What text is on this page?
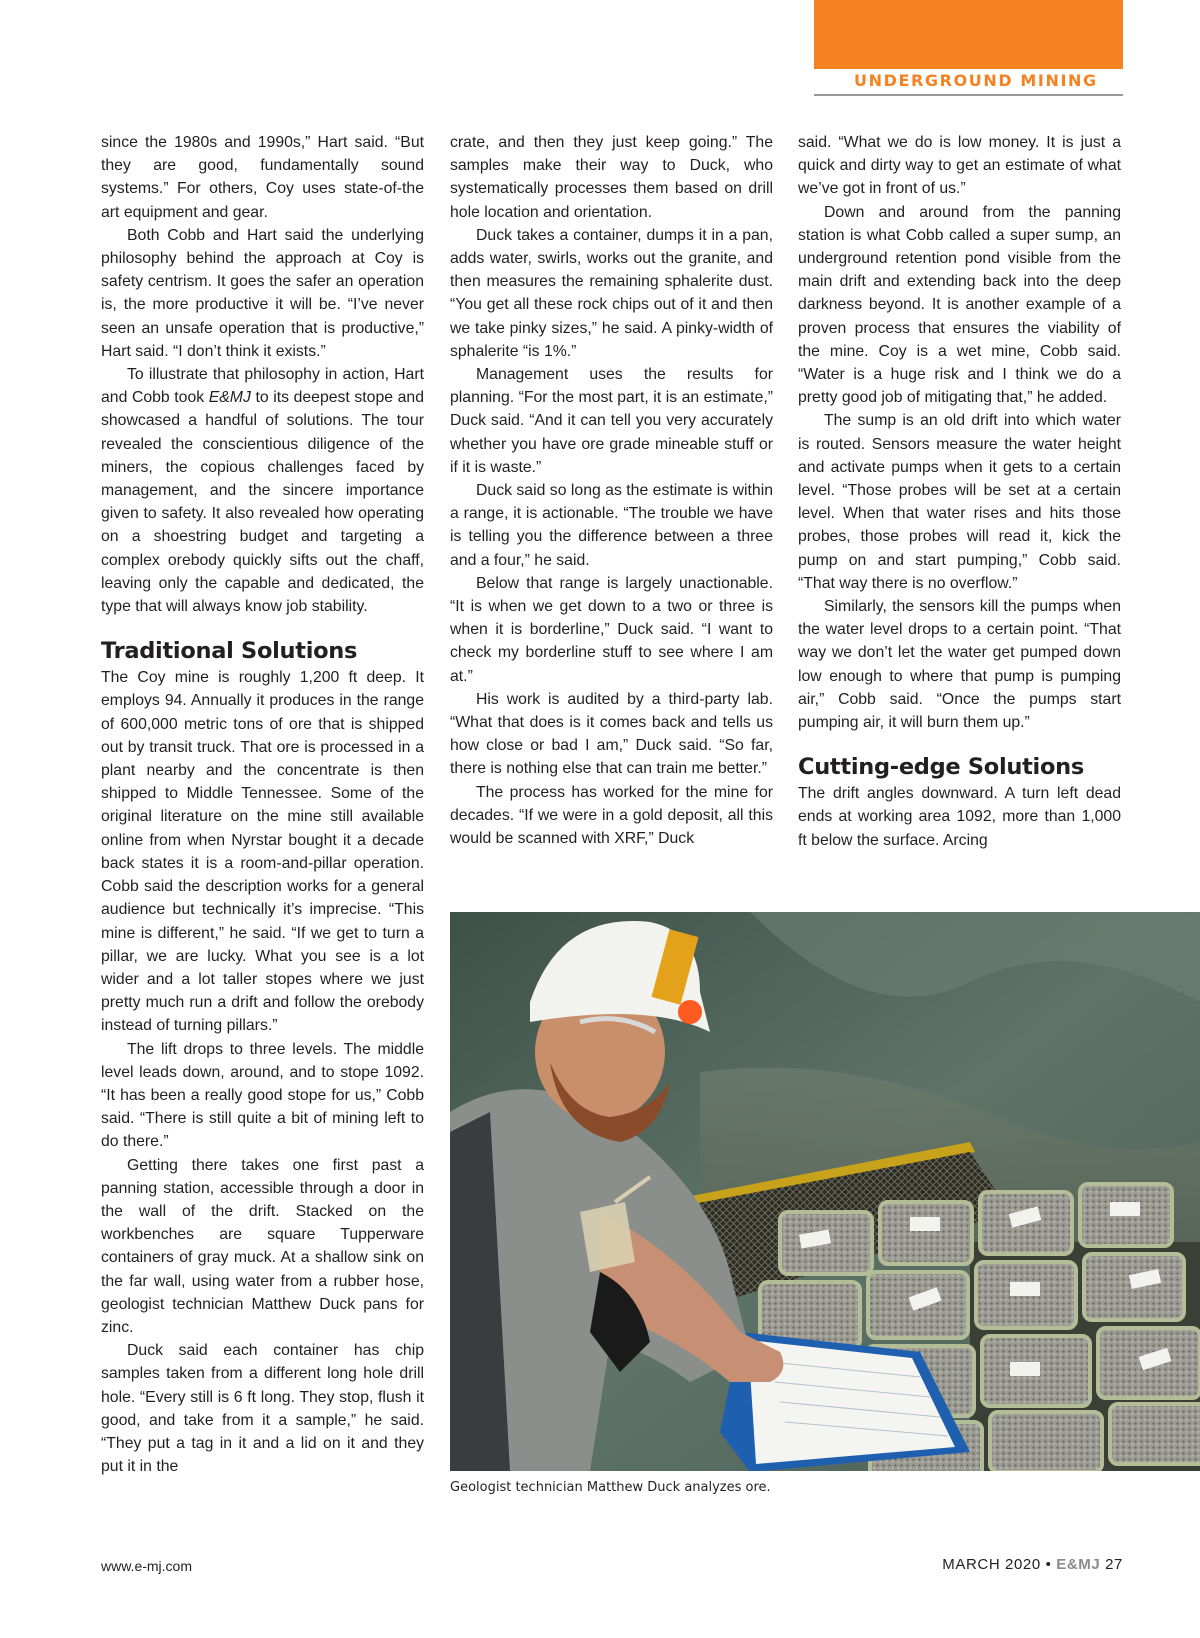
UNDERGROUND MINING

since the 1980s and 1990s,” Hart said. “But they are good, fundamentally sound systems.” For others, Coy uses state-of-the art equipment and gear.

Both Cobb and Hart said the underlying philosophy behind the approach at Coy is safety centrism. It goes the safer an operation is, the more productive it will be. “I’ve never seen an unsafe operation that is productive,” Hart said. “I don’t think it exists.”

To illustrate that philosophy in action, Hart and Cobb took E&MJ to its deepest stope and showcased a handful of solutions. The tour revealed the conscientious diligence of the miners, the copious challenges faced by management, and the sincere importance given to safety. It also revealed how operating on a shoestring budget and targeting a complex orebody quickly sifts out the chaff, leaving only the capable and dedicated, the type that will always know job stability.

Traditional Solutions

The Coy mine is roughly 1,200 ft deep. It employs 94. Annually it produces in the range of 600,000 metric tons of ore that is shipped out by transit truck. That ore is processed in a plant nearby and the concentrate is then shipped to Middle Tennessee. Some of the original literature on the mine still available online from when Nyrstar bought it a decade back states it is a room-and-pillar operation. Cobb said the description works for a general audience but technically it’s imprecise. “This mine is different,” he said. “If we get to turn a pillar, we are lucky. What you see is a lot wider and a lot taller stopes where we just pretty much run a drift and follow the orebody instead of turning pillars.”

The lift drops to three levels. The middle level leads down, around, and to stope 1092. “It has been a really good stope for us,” Cobb said. “There is still quite a bit of mining left to do there.”

Getting there takes one first past a panning station, accessible through a door in the wall of the drift. Stacked on the workbenches are square Tupperware containers of gray muck. At a shallow sink on the far wall, using water from a rubber hose, geologist technician Matthew Duck pans for zinc.

Duck said each container has chip samples taken from a different long hole drill hole. “Every still is 6 ft long. They stop, flush it good, and take from it a sample,” he said. “They put a tag in it and a lid on it and they put it in the

crate, and then they just keep going.” The samples make their way to Duck, who systematically processes them based on drill hole location and orientation.

Duck takes a container, dumps it in a pan, adds water, swirls, works out the granite, and then measures the remaining sphalerite dust. “You get all these rock chips out of it and then we take pinky sizes,” he said. A pinky-width of sphalerite “is 1%.”

Management uses the results for planning. “For the most part, it is an estimate,” Duck said. “And it can tell you very accurately whether you have ore grade mineable stuff or if it is waste.”

Duck said so long as the estimate is within a range, it is actionable. “The trouble we have is telling you the difference between a three and a four,” he said.

Below that range is largely unactionable. “It is when we get down to a two or three is when it is borderline,” Duck said. “I want to check my borderline stuff to see where I am at.”

His work is audited by a third-party lab. “What that does is it comes back and tells us how close or bad I am,” Duck said. “So far, there is nothing else that can train me better.”

The process has worked for the mine for decades. “If we were in a gold deposit, all this would be scanned with XRF,” Duck

said. “What we do is low money. It is just a quick and dirty way to get an estimate of what we’ve got in front of us.”

Down and around from the panning station is what Cobb called a super sump, an underground retention pond visible from the main drift and extending back into the deep darkness beyond. It is another example of a proven process that ensures the viability of the mine. Coy is a wet mine, Cobb said. “Water is a huge risk and I think we do a pretty good job of mitigating that,” he added.

The sump is an old drift into which water is routed. Sensors measure the water height and activate pumps when it gets to a certain level. “Those probes will be set at a certain level. When that water rises and hits those probes, those probes will read it, kick the pump on and start pumping,” Cobb said. “That way there is no overflow.”

Similarly, the sensors kill the pumps when the water level drops to a certain point. “That way we don’t let the water get pumped down low enough to where that pump is pumping air,” Cobb said. “Once the pumps start pumping air, it will burn them up.”

Cutting-edge Solutions

The drift angles downward. A turn left dead ends at working area 1092, more than 1,000 ft below the surface. Arcing

Geologist technician Matthew Duck analyzes ore.
www.e-mj.com	MARCH 2020 • E&MJ 27
